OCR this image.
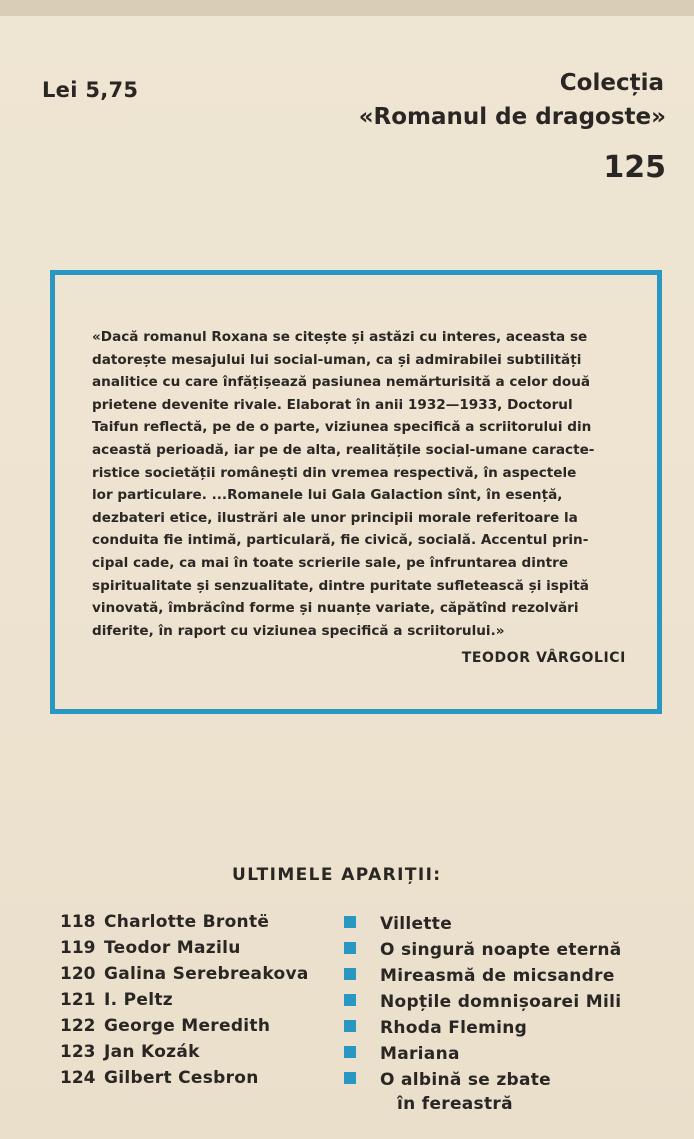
Lei 5,75	Colecția
«Romanul de dragoste»
125
«Dacă romanul Roxana se citește și astăzi cu interes, aceasta se
datorește mesajului lui social-uman, ca și admirabilei subtilități
analitice cu care înfățișează pasiunea nemărturisită a celor două
prietene devenite rivale. Elaborat în anii 1932—1933, Doctorul
Taifun reflectă, pe de o parte, viziunea specifică a scriitorului din
această perioadă, iar pe de alta, realitățile social-umane caracte-
ristice societății românești din vremea respectivă, în aspectele
lor particulare. ...Romanele lui Gala Galaction sînt, în esență,
dezbateri etice, ilustrări ale unor principii morale referitoare la
conduita fie intimă, particulară, fie civică, socială. Accentul prin-
cipal cade, ca mai în toate scrierile sale, pe înfruntarea dintre
spiritualitate și senzualitate, dintre puritate sufletească și ispită
vinovată, îmbrăcînd forme și nuanțe variate, căpătînd rezolvări
diferite, în raport cu viziunea specifică a scriitorului.»
TEODOR VÂRGOLICI
ULTIMELE APARIȚII:
118 Charlotte Brontë	Villette
119 Teodor Mazilu	O singură noapte eternă
120 Galina Serebreakova	Mireasmă de micsandre
121 I. Peltz	Nopțile domnișoarei Mili
122 George Meredith	Rhoda Fleming
123 Jan Kozák	Mariana
124 Gilbert Cesbron	O albină se zbate
în fereastră
